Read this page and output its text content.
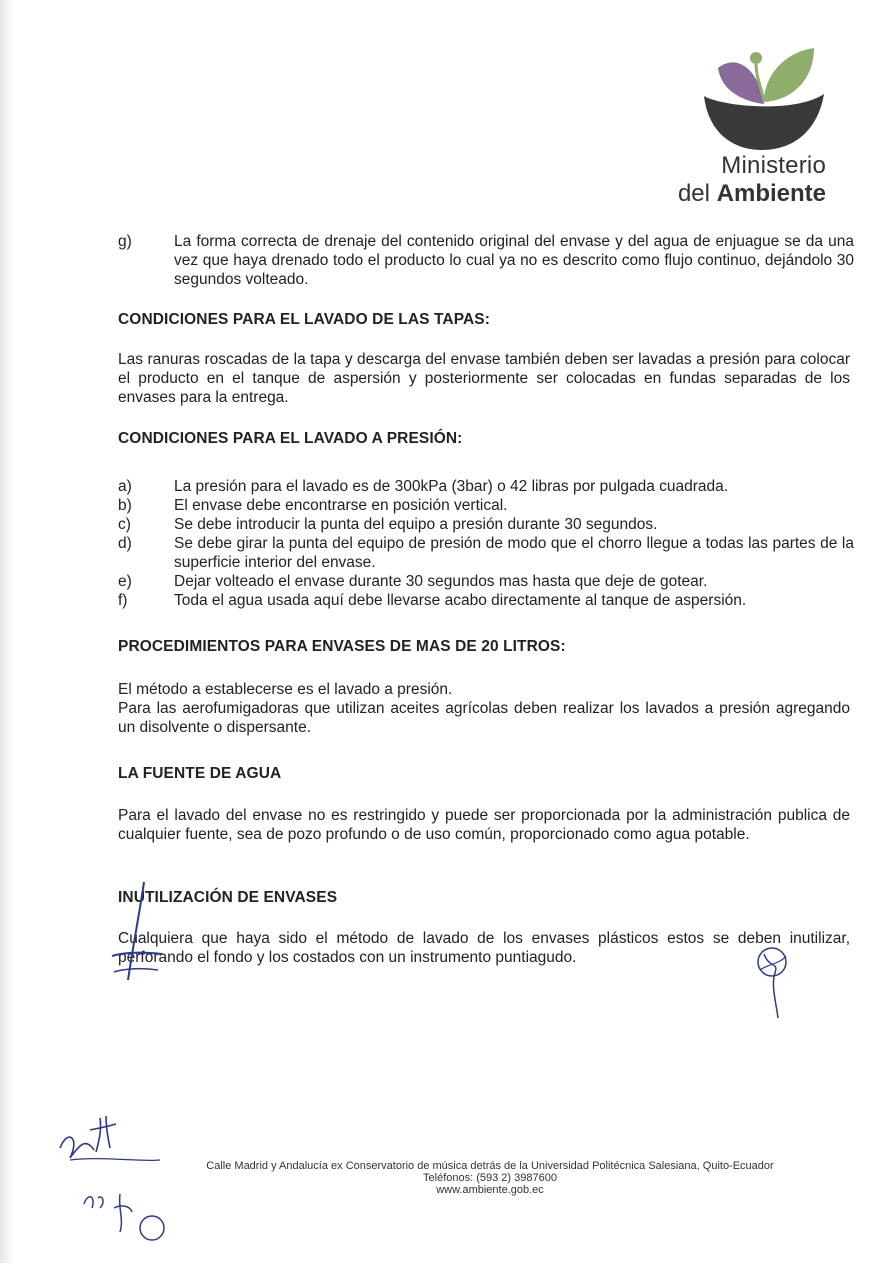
Ministerio
del Ambiente
g)	La forma correcta de drenaje del contenido original del envase y del agua de enjuague se da una vez que haya drenado todo el producto lo cual ya no es descrito como flujo continuo, dejándolo 30 segundos volteado.
CONDICIONES PARA EL LAVADO DE LAS TAPAS:
Las ranuras roscadas de la tapa y descarga del envase también deben ser lavadas a presión para colocar el producto en el tanque de aspersión y posteriormente ser colocadas en fundas separadas de los envases para la entrega.
CONDICIONES PARA EL LAVADO A PRESIÓN:
a)	La presión para el lavado es de 300kPa (3bar) o 42 libras por pulgada cuadrada.
b)	El envase debe encontrarse en posición vertical.
c)	Se debe introducir la punta del equipo a presión durante 30 segundos.
d)	Se debe girar la punta del equipo de presión de modo que el chorro llegue a todas las partes de la superficie interior del envase.
e)	Dejar volteado el envase durante 30 segundos mas hasta que deje de gotear.
f)	Toda el agua usada aquí debe llevarse acabo directamente al tanque de aspersión.
PROCEDIMIENTOS PARA ENVASES DE MAS DE 20 LITROS:
El método a establecerse es el lavado a presión.
Para las aerofumigadoras que utilizan aceites agrícolas deben realizar los lavados a presión agregando un disolvente o dispersante.
LA FUENTE DE AGUA
Para el lavado del envase no es restringido y puede ser proporcionada por la administración publica de cualquier fuente, sea de pozo profundo o de uso común, proporcionado como agua potable.
INUTILIZACIÓN DE ENVASES
Cualquiera que haya sido el método de lavado de los envases plásticos estos se deben inutilizar, perforando el fondo y los costados con un instrumento puntiagudo.
Calle Madrid y Andalucía ex Conservatorio de música detrás de la Universidad Politécnica Salesiana, Quito-Ecuador
Teléfonos: (593 2) 3987600
www.ambiente.gob.ec
